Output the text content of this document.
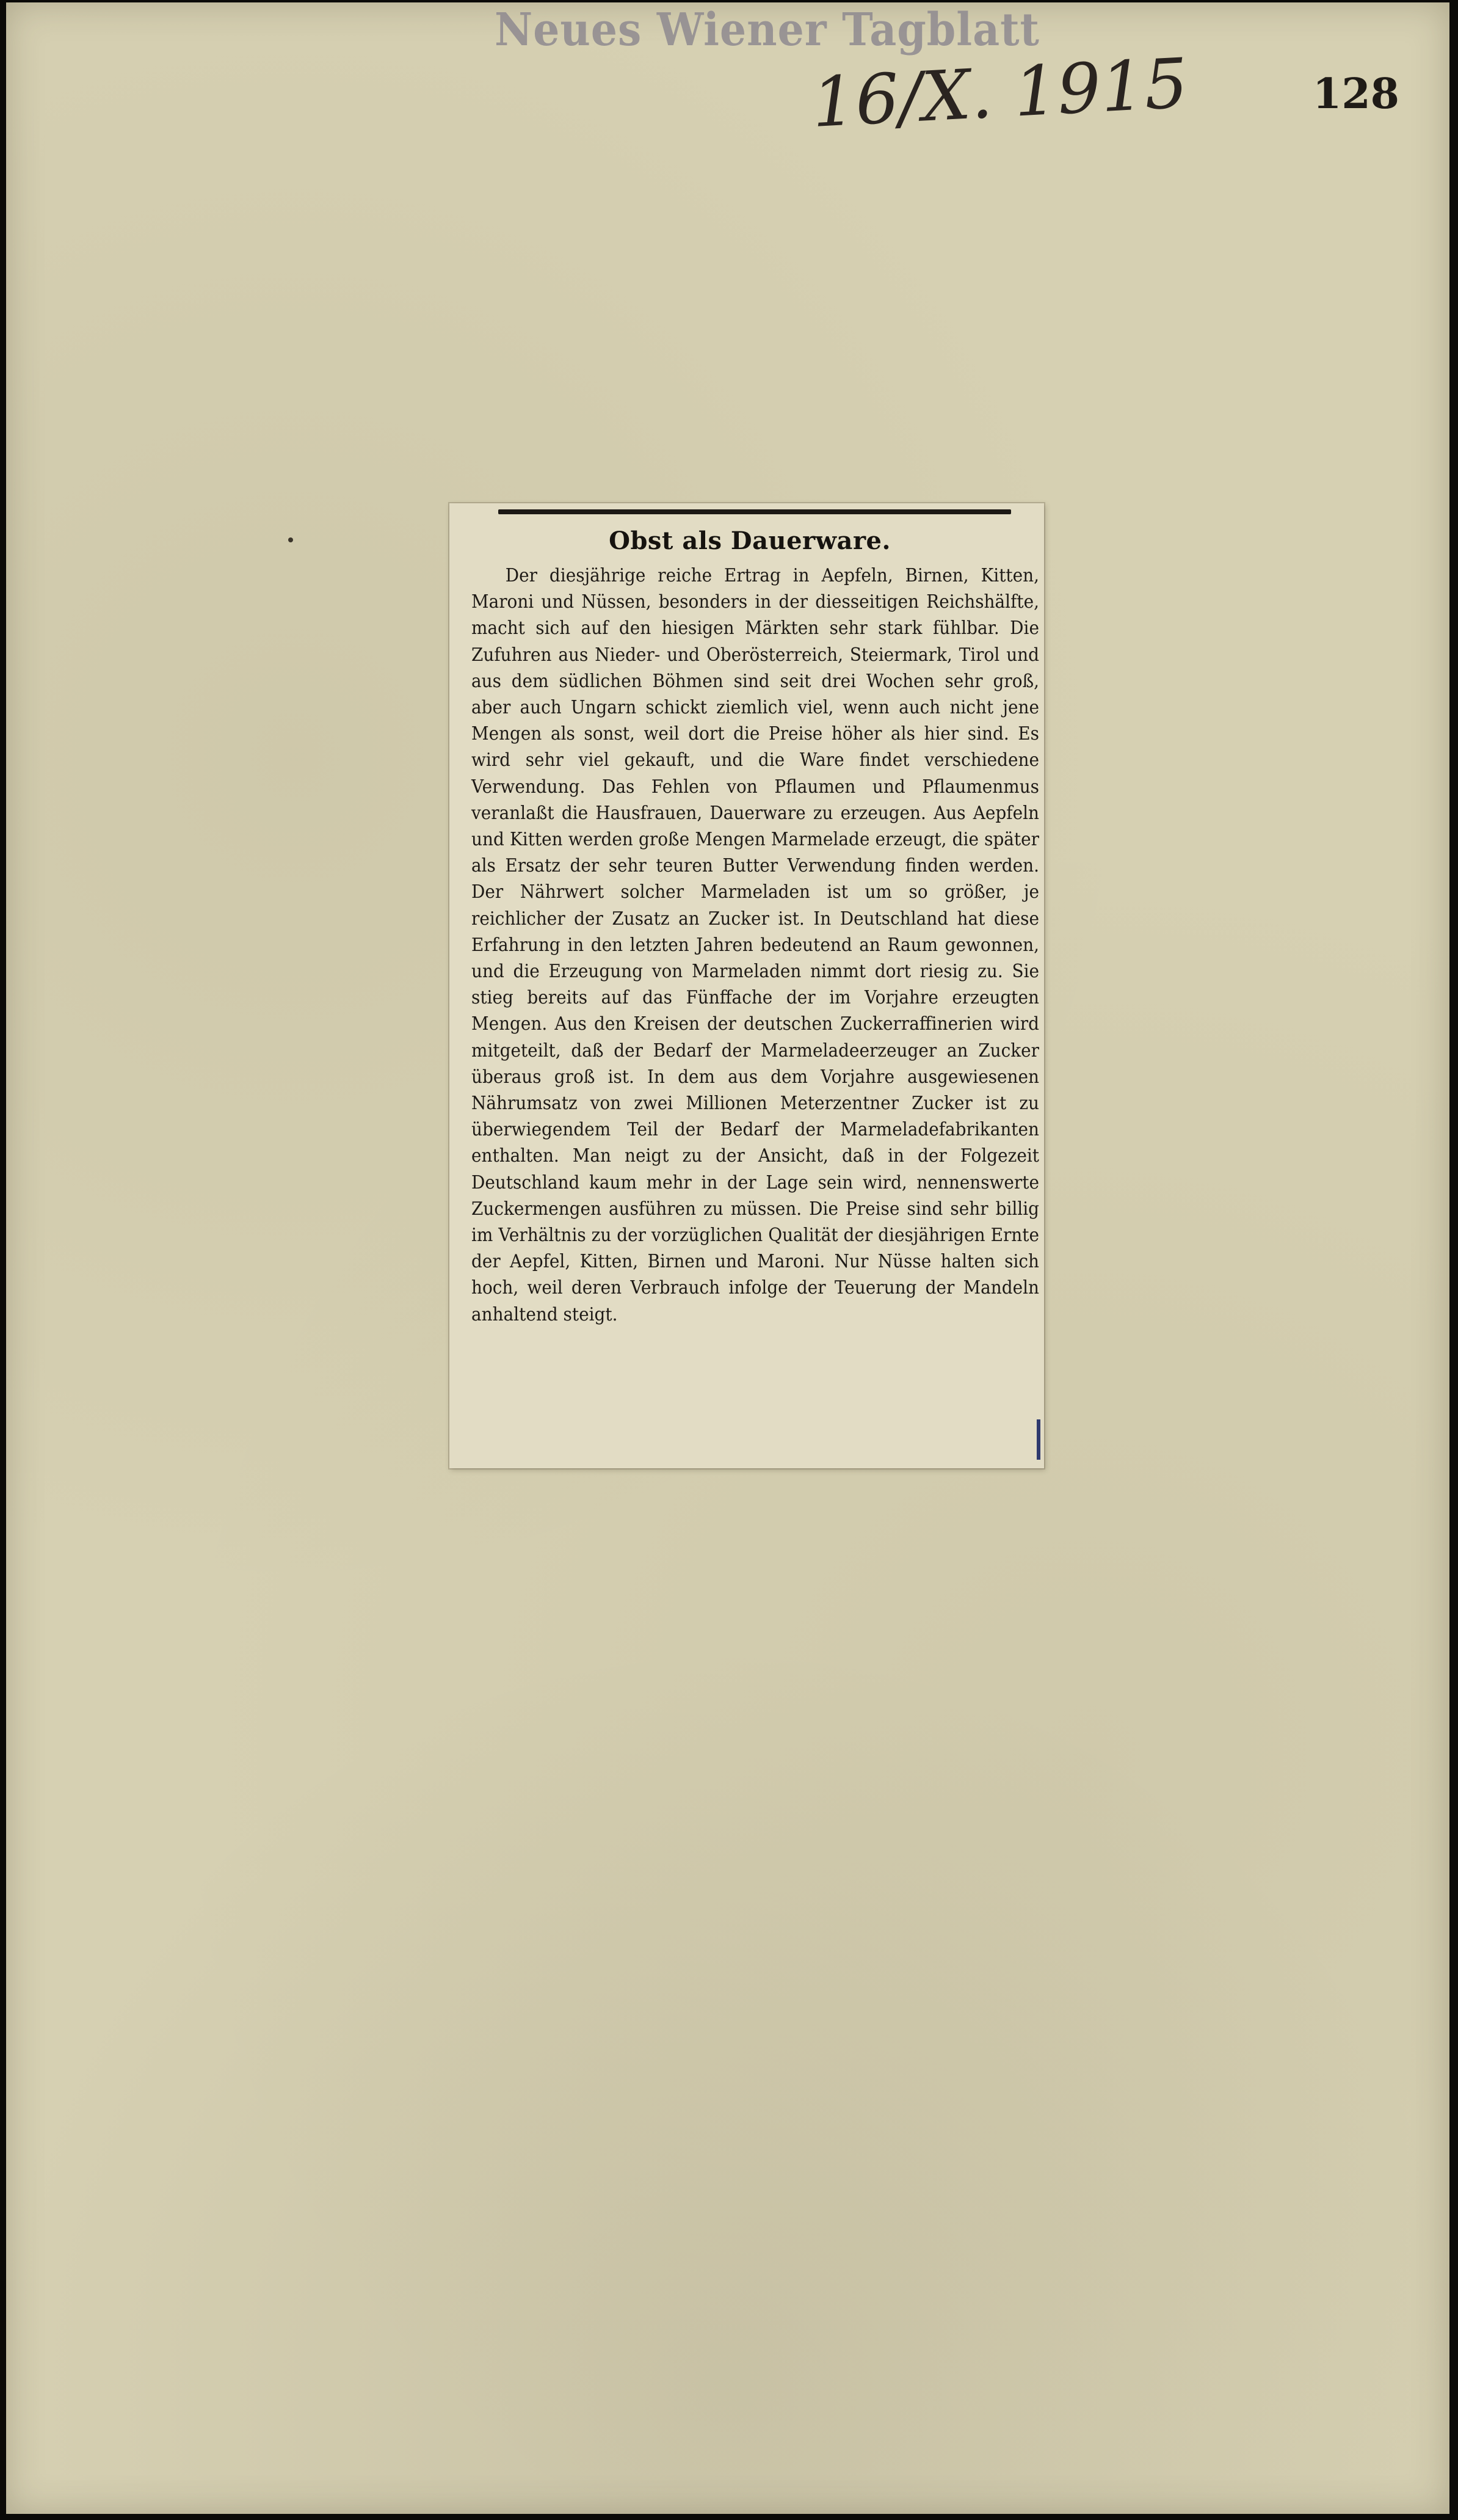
Neues Wiener Tagblatt
16/X. 1915	128
Obst als Dauerware.

Der diesjährige reiche Ertrag in Aepfeln, Birnen, Kitten, Maroni und Nüssen, besonders in der diesseitigen Reichshälfte, macht sich auf den hiesigen Märkten sehr stark fühlbar. Die Zufuhren aus Nieder- und Oberösterreich, Steiermark, Tirol und aus dem südlichen Böhmen sind seit drei Wochen sehr groß, aber auch Ungarn schickt ziemlich viel, wenn auch nicht jene Mengen als sonst, weil dort die Preise höher als hier sind. Es wird sehr viel gekauft, und die Ware findet verschiedene Verwendung. Das Fehlen von Pflaumen und Pflaumenmus veranlaßt die Hausfrauen, Dauerware zu erzeugen. Aus Aepfeln und Kitten werden große Mengen Marmelade erzeugt, die später als Ersatz der sehr teuren Butter Verwendung finden werden. Der Nährwert solcher Marmeladen ist um so größer, je reichlicher der Zusatz an Zucker ist. In Deutschland hat diese Erfahrung in den letzten Jahren bedeutend an Raum gewonnen, und die Erzeugung von Marmeladen nimmt dort riesig zu. Sie stieg bereits auf das Fünffache der im Vorjahre erzeugten Mengen. Aus den Kreisen der deutschen Zuckerraffinerien wird mitgeteilt, daß der Bedarf der Marmeladeerzeuger an Zucker überaus groß ist. In dem aus dem Vorjahre ausgewiesenen Nährumsatz von zwei Millionen Meterzentner Zucker ist zu überwiegendem Teil der Bedarf der Marmeladefabrikanten enthalten. Man neigt zu der Ansicht, daß in der Folgezeit Deutschland kaum mehr in der Lage sein wird, nennenswerte Zuckermengen ausführen zu müssen. Die Preise sind sehr billig im Verhältnis zu der vorzüglichen Qualität der diesjährigen Ernte der Aepfel, Kitten, Birnen und Maroni. Nur Nüsse halten sich hoch, weil deren Verbrauch infolge der Teuerung der Mandeln anhaltend steigt.
